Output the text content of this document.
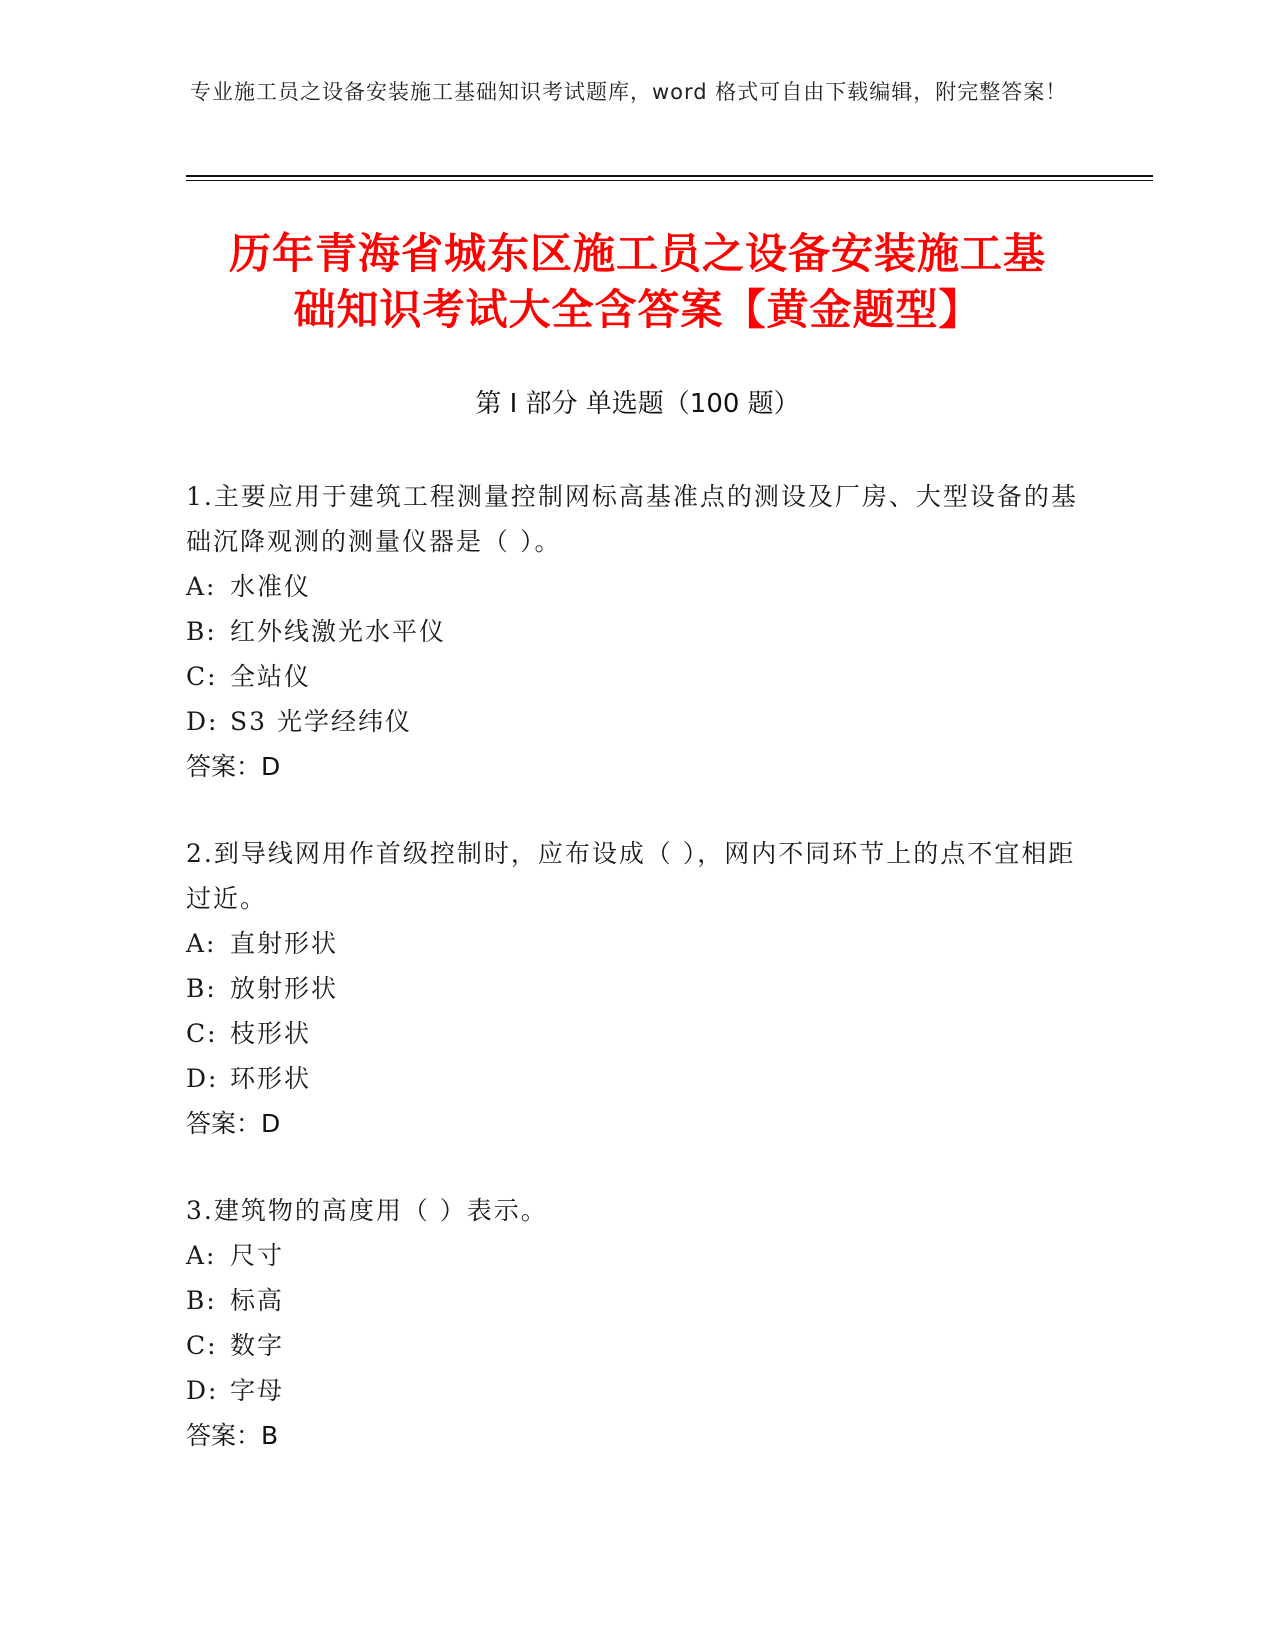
专业施工员之设备安装施工基础知识考试题库，word 格式可自由下载编辑，附完整答案！
历年青海省城东区施工员之设备安装施工基
础知识考试大全含答案【黄金题型】
第 I 部分 单选题（100 题）
1.主要应用于建筑工程测量控制网标高基准点的测设及厂房、大型设备的基础沉降观测的测量仪器是（ ）。
A: 水准仪
B: 红外线激光水平仪
C: 全站仪
D: S3 光学经纬仪
答案：D
2.到导线网用作首级控制时，应布设成（ ），网内不同环节上的点不宜相距过近。
A: 直射形状
B: 放射形状
C: 枝形状
D: 环形状
答案：D
3.建筑物的高度用（ ）表示。
A: 尺寸
B: 标高
C: 数字
D: 字母
答案：B
